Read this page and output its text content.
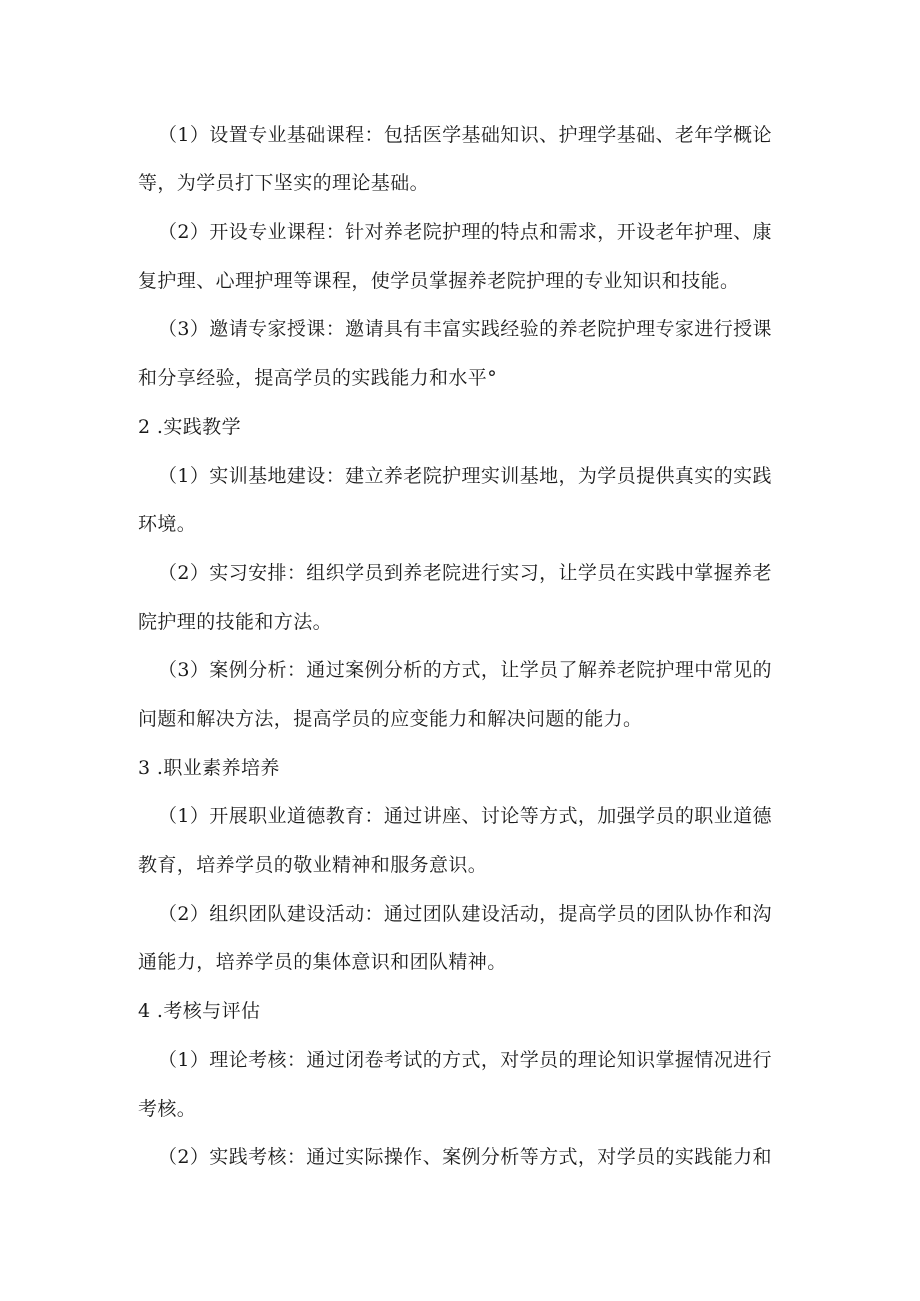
（1）设置专业基础课程：包括医学基础知识、护理学基础、老年学概论
等，为学员打下坚实的理论基础。
（2）开设专业课程：针对养老院护理的特点和需求，开设老年护理、康
复护理、心理护理等课程，使学员掌握养老院护理的专业知识和技能。
（3）邀请专家授课：邀请具有丰富实践经验的养老院护理专家进行授课
和分享经验，提高学员的实践能力和水平°
2 .实践教学
（1）实训基地建设：建立养老院护理实训基地，为学员提供真实的实践
环境。
（2）实习安排：组织学员到养老院进行实习，让学员在实践中掌握养老
院护理的技能和方法。
（3）案例分析：通过案例分析的方式，让学员了解养老院护理中常见的
问题和解决方法，提高学员的应变能力和解决问题的能力。
3 .职业素养培养
（1）开展职业道德教育：通过讲座、讨论等方式，加强学员的职业道德
教育，培养学员的敬业精神和服务意识。
（2）组织团队建设活动：通过团队建设活动，提高学员的团队协作和沟
通能力，培养学员的集体意识和团队精神。
4 .考核与评估
（1）理论考核：通过闭卷考试的方式，对学员的理论知识掌握情况进行
考核。
（2）实践考核：通过实际操作、案例分析等方式，对学员的实践能力和
